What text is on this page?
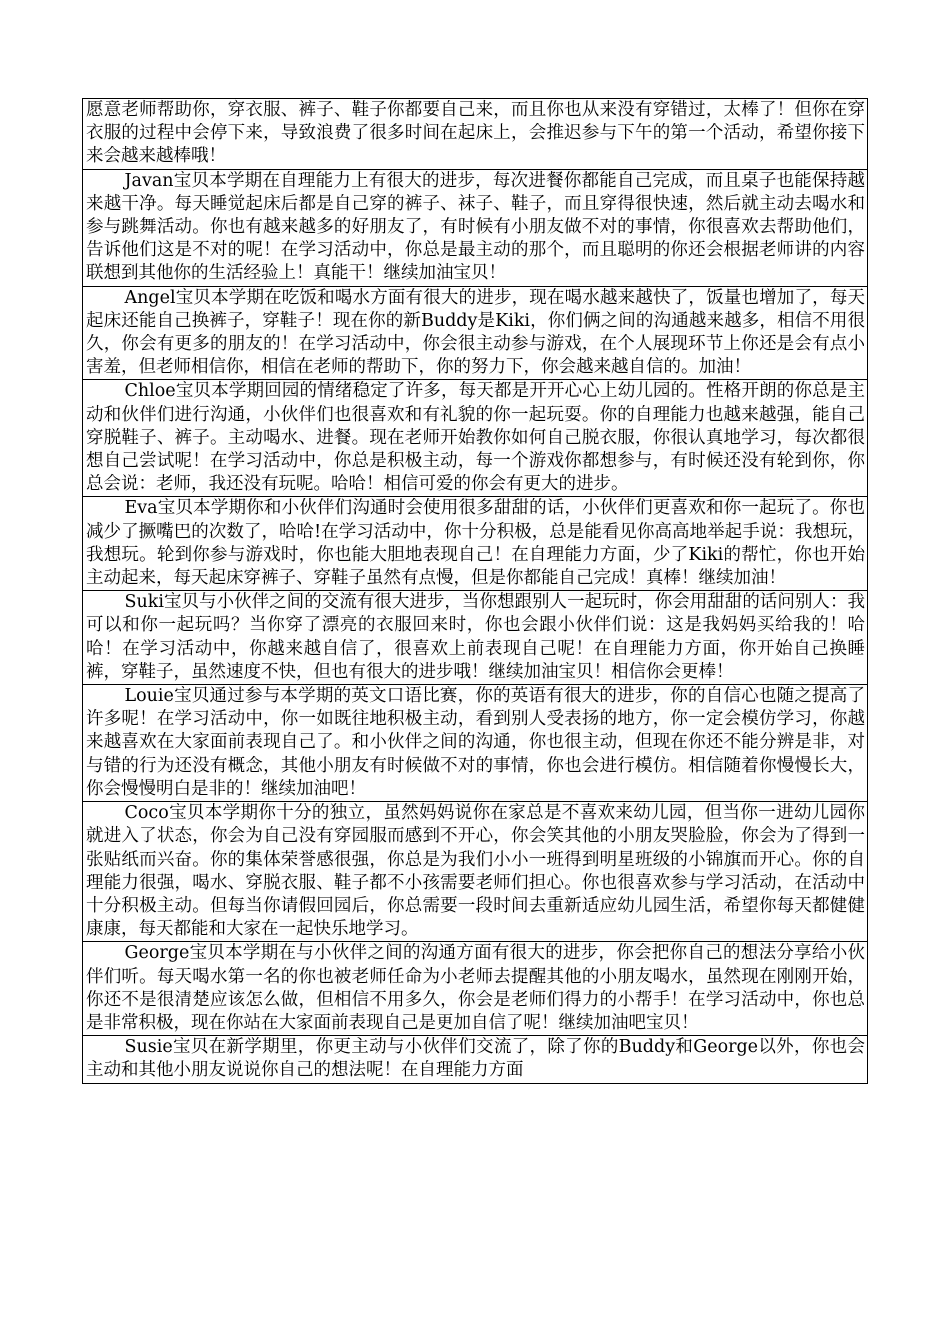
愿意老师帮助你，穿衣服、裤子、鞋子你都要自己来，而且你也从来没有穿错过，太棒了！但你在穿衣服的过程中会停下来，导致浪费了很多时间在起床上，会推迟参与下午的第一个活动，希望你接下来会越来越棒哦！
Javan宝贝本学期在自理能力上有很大的进步，每次进餐你都能自己完成，而且桌子也能保持越来越干净。每天睡觉起床后都是自己穿的裤子、袜子、鞋子，而且穿得很快速，然后就主动去喝水和参与跳舞活动。你也有越来越多的好朋友了，有时候有小朋友做不对的事情，你很喜欢去帮助他们，告诉他们这是不对的呢！在学习活动中，你总是最主动的那个，而且聪明的你还会根据老师讲的内容联想到其他你的生活经验上！真能干！继续加油宝贝！
Angel宝贝本学期在吃饭和喝水方面有很大的进步，现在喝水越来越快了，饭量也增加了，每天起床还能自己换裤子，穿鞋子！现在你的新Buddy是Kiki，你们俩之间的沟通越来越多，相信不用很久，你会有更多的朋友的！在学习活动中，你会很主动参与游戏，在个人展现环节上你还是会有点小害羞，但老师相信你，相信在老师的帮助下，你的努力下，你会越来越自信的。加油！
Chloe宝贝本学期回园的情绪稳定了许多，每天都是开开心心上幼儿园的。性格开朗的你总是主动和伙伴们进行沟通，小伙伴们也很喜欢和有礼貌的你一起玩耍。你的自理能力也越来越强，能自己穿脱鞋子、裤子。主动喝水、进餐。现在老师开始教你如何自己脱衣服，你很认真地学习，每次都很想自己尝试呢！在学习活动中，你总是积极主动，每一个游戏你都想参与，有时候还没有轮到你，你总会说：老师，我还没有玩呢。哈哈！相信可爱的你会有更大的进步。
Eva宝贝本学期你和小伙伴们沟通时会使用很多甜甜的话，小伙伴们更喜欢和你一起玩了。你也减少了撅嘴巴的次数了，哈哈!在学习活动中，你十分积极，总是能看见你高高地举起手说：我想玩，我想玩。轮到你参与游戏时，你也能大胆地表现自己！在自理能力方面，少了Kiki的帮忙，你也开始主动起来，每天起床穿裤子、穿鞋子虽然有点慢，但是你都能自己完成！真棒！继续加油！
Suki宝贝与小伙伴之间的交流有很大进步，当你想跟别人一起玩时，你会用甜甜的话问别人：我可以和你一起玩吗？当你穿了漂亮的衣服回来时，你也会跟小伙伴们说：这是我妈妈买给我的！哈哈！在学习活动中，你越来越自信了，很喜欢上前表现自己呢！在自理能力方面，你开始自己换睡裤，穿鞋子，虽然速度不快，但也有很大的进步哦！继续加油宝贝！相信你会更棒！
Louie宝贝通过参与本学期的英文口语比赛，你的英语有很大的进步，你的自信心也随之提高了许多呢！在学习活动中，你一如既往地积极主动，看到别人受表扬的地方，你一定会模仿学习，你越来越喜欢在大家面前表现自己了。和小伙伴之间的沟通，你也很主动，但现在你还不能分辨是非，对与错的行为还没有概念，其他小朋友有时候做不对的事情，你也会进行模仿。相信随着你慢慢长大，你会慢慢明白是非的！继续加油吧！
Coco宝贝本学期你十分的独立，虽然妈妈说你在家总是不喜欢来幼儿园，但当你一进幼儿园你就进入了状态，你会为自己没有穿园服而感到不开心，你会笑其他的小朋友哭脸脸，你会为了得到一张贴纸而兴奋。你的集体荣誉感很强，你总是为我们小小一班得到明星班级的小锦旗而开心。你的自理能力很强，喝水、穿脱衣服、鞋子都不小孩需要老师们担心。你也很喜欢参与学习活动，在活动中十分积极主动。但每当你请假回园后，你总需要一段时间去重新适应幼儿园生活，希望你每天都健健康康，每天都能和大家在一起快乐地学习。
George宝贝本学期在与小伙伴之间的沟通方面有很大的进步，你会把你自己的想法分享给小伙伴们听。每天喝水第一名的你也被老师任命为小老师去提醒其他的小朋友喝水，虽然现在刚刚开始，你还不是很清楚应该怎么做，但相信不用多久，你会是老师们得力的小帮手！在学习活动中，你也总是非常积极，现在你站在大家面前表现自己是更加自信了呢！继续加油吧宝贝！
Susie宝贝在新学期里，你更主动与小伙伴们交流了，除了你的Buddy和George以外，你也会主动和其他小朋友说说你自己的想法呢！在自理能力方面
